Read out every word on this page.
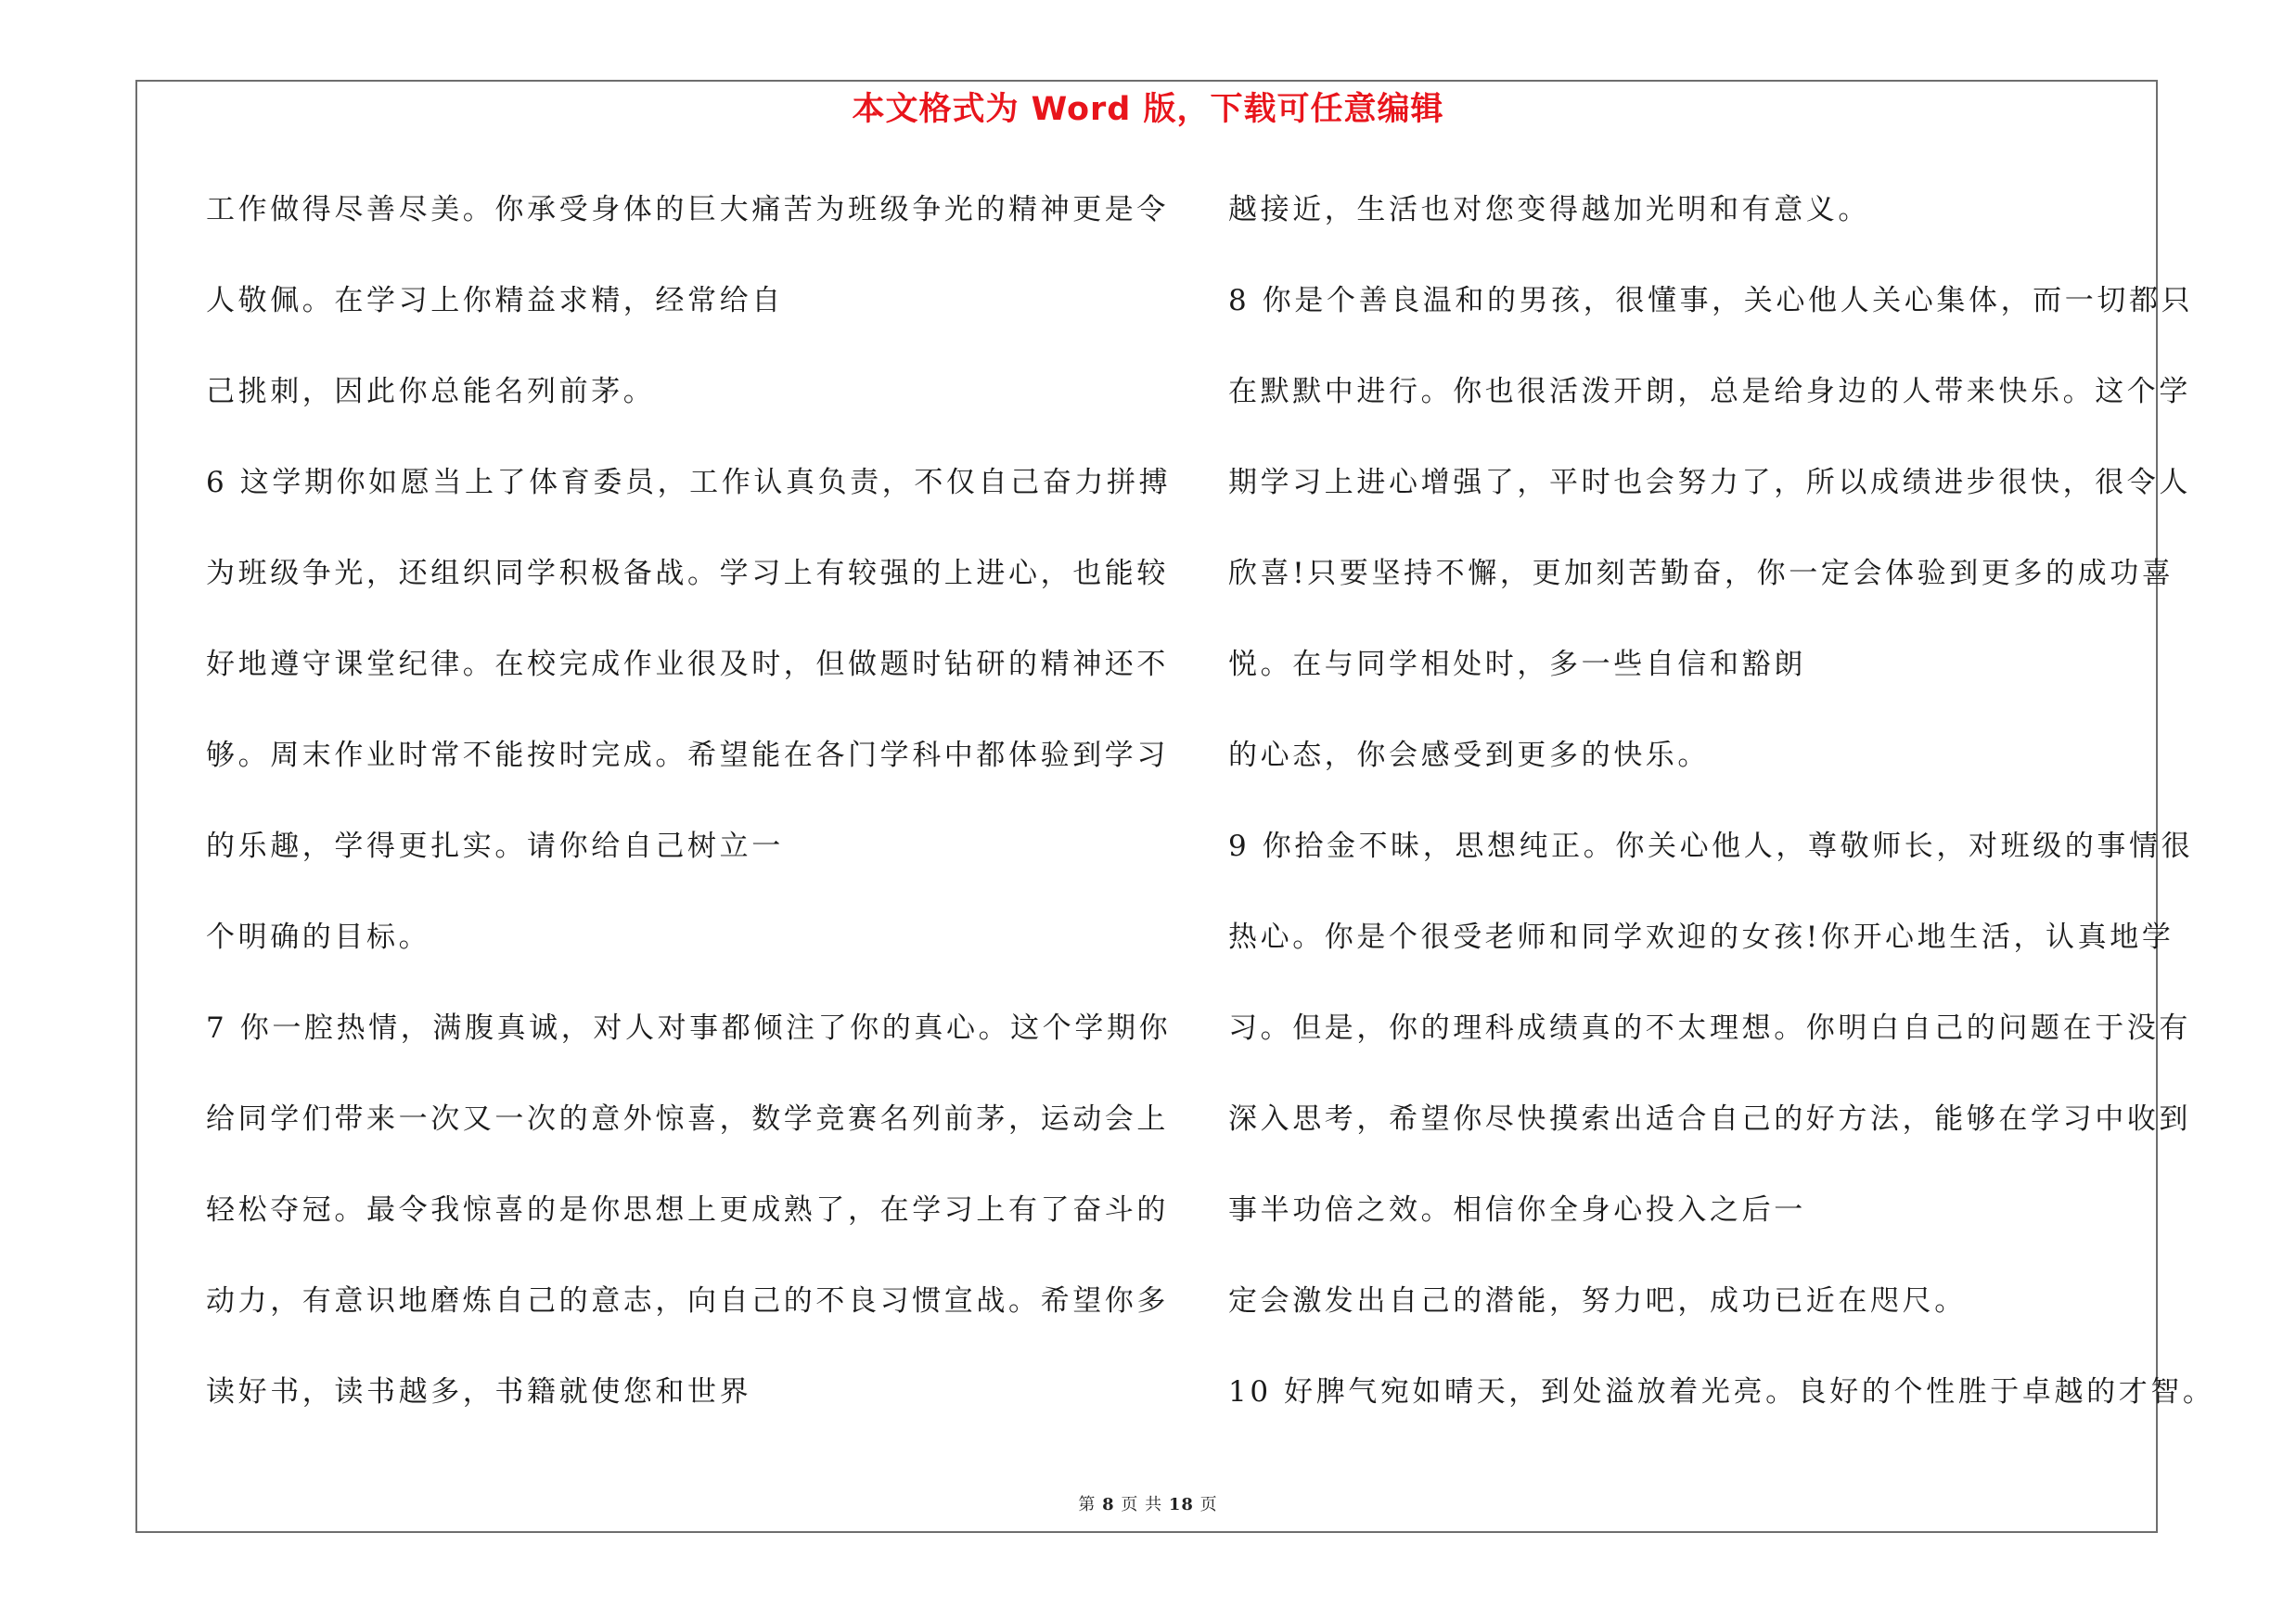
本文格式为 Word 版，下载可任意编辑
工作做得尽善尽美。你承受身体的巨大痛苦为班级争光的精神更是令
人敬佩。在学习上你精益求精，经常给自
己挑刺，因此你总能名列前茅。
6 这学期你如愿当上了体育委员，工作认真负责，不仅自己奋力拼搏
为班级争光，还组织同学积极备战。学习上有较强的上进心，也能较
好地遵守课堂纪律。在校完成作业很及时，但做题时钻研的精神还不
够。周末作业时常不能按时完成。希望能在各门学科中都体验到学习
的乐趣，学得更扎实。请你给自己树立一
个明确的目标。
7 你一腔热情，满腹真诚，对人对事都倾注了你的真心。这个学期你
给同学们带来一次又一次的意外惊喜，数学竞赛名列前茅，运动会上
轻松夺冠。最令我惊喜的是你思想上更成熟了，在学习上有了奋斗的
动力，有意识地磨炼自己的意志，向自己的不良习惯宣战。希望你多
读好书，读书越多，书籍就使您和世界
越接近，生活也对您变得越加光明和有意义。
8 你是个善良温和的男孩，很懂事，关心他人关心集体，而一切都只
在默默中进行。你也很活泼开朗，总是给身边的人带来快乐。这个学
期学习上进心增强了，平时也会努力了，所以成绩进步很快，很令人
欣喜!只要坚持不懈，更加刻苦勤奋，你一定会体验到更多的成功喜
悦。在与同学相处时，多一些自信和豁朗
的心态，你会感受到更多的快乐。
9 你拾金不昧，思想纯正。你关心他人，尊敬师长，对班级的事情很
热心。你是个很受老师和同学欢迎的女孩!你开心地生活，认真地学
习。但是，你的理科成绩真的不太理想。你明白自己的问题在于没有
深入思考，希望你尽快摸索出适合自己的好方法，能够在学习中收到
事半功倍之效。相信你全身心投入之后一
定会激发出自己的潜能，努力吧，成功已近在咫尺。
10 好脾气宛如晴天，到处溢放着光亮。良好的个性胜于卓越的才智。
第 8 页 共 18 页
